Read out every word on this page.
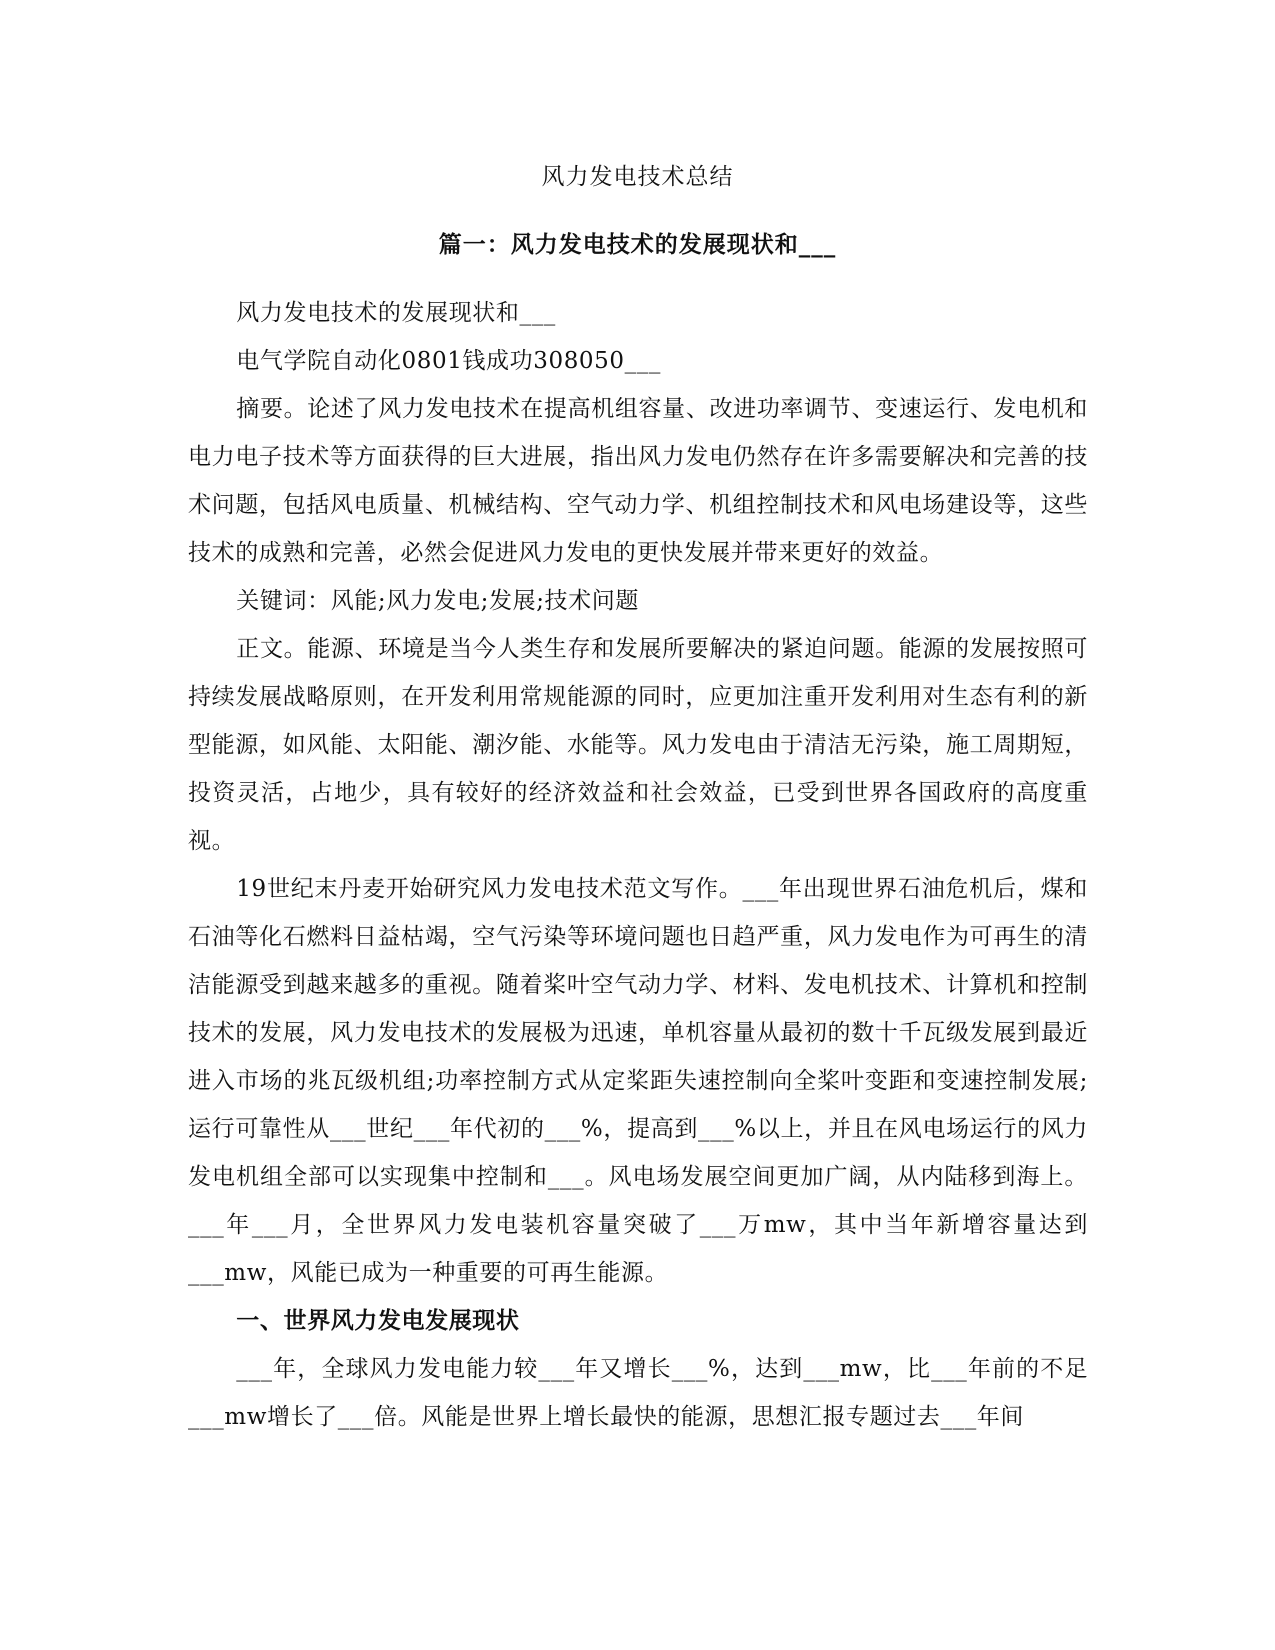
风力发电技术总结
篇一：风力发电技术的发展现状和___

风力发电技术的发展现状和___

电气学院自动化0801钱成功308050___

摘要。论述了风力发电技术在提高机组容量、改进功率调节、变速运行、发电机和电力电子技术等方面获得的巨大进展，指出风力发电仍然存在许多需要解决和完善的技术问题，包括风电质量、机械结构、空气动力学、机组控制技术和风电场建设等，这些技术的成熟和完善，必然会促进风力发电的更快发展并带来更好的效益。

关键词：风能;风力发电;发展;技术问题

正文。能源、环境是当今人类生存和发展所要解决的紧迫问题。能源的发展按照可持续发展战略原则，在开发利用常规能源的同时，应更加注重开发利用对生态有利的新型能源，如风能、太阳能、潮汐能、水能等。风力发电由于清洁无污染，施工周期短，投资灵活，占地少，具有较好的经济效益和社会效益，已受到世界各国政府的高度重视。

19世纪末丹麦开始研究风力发电技术范文写作。___年出现世界石油危机后，煤和石油等化石燃料日益枯竭，空气污染等环境问题也日趋严重，风力发电作为可再生的清洁能源受到越来越多的重视。随着桨叶空气动力学、材料、发电机技术、计算机和控制技术的发展，风力发电技术的发展极为迅速，单机容量从最初的数十千瓦级发展到最近进入市场的兆瓦级机组;功率控制方式从定桨距失速控制向全桨叶变距和变速控制发展;运行可靠性从___世纪___年代初的___%，提高到___%以上，并且在风电场运行的风力发电机组全部可以实现集中控制和___。风电场发展空间更加广阔，从内陆移到海上。___年___月，全世界风力发电装机容量突破了___万mw，其中当年新增容量达到___mw，风能已成为一种重要的可再生能源。

一、世界风力发电发展现状

___年，全球风力发电能力较___年又增长___%，达到___mw，比___年前的不足___mw增长了___倍。风能是世界上增长最快的能源，思想汇报专题过去___年间
